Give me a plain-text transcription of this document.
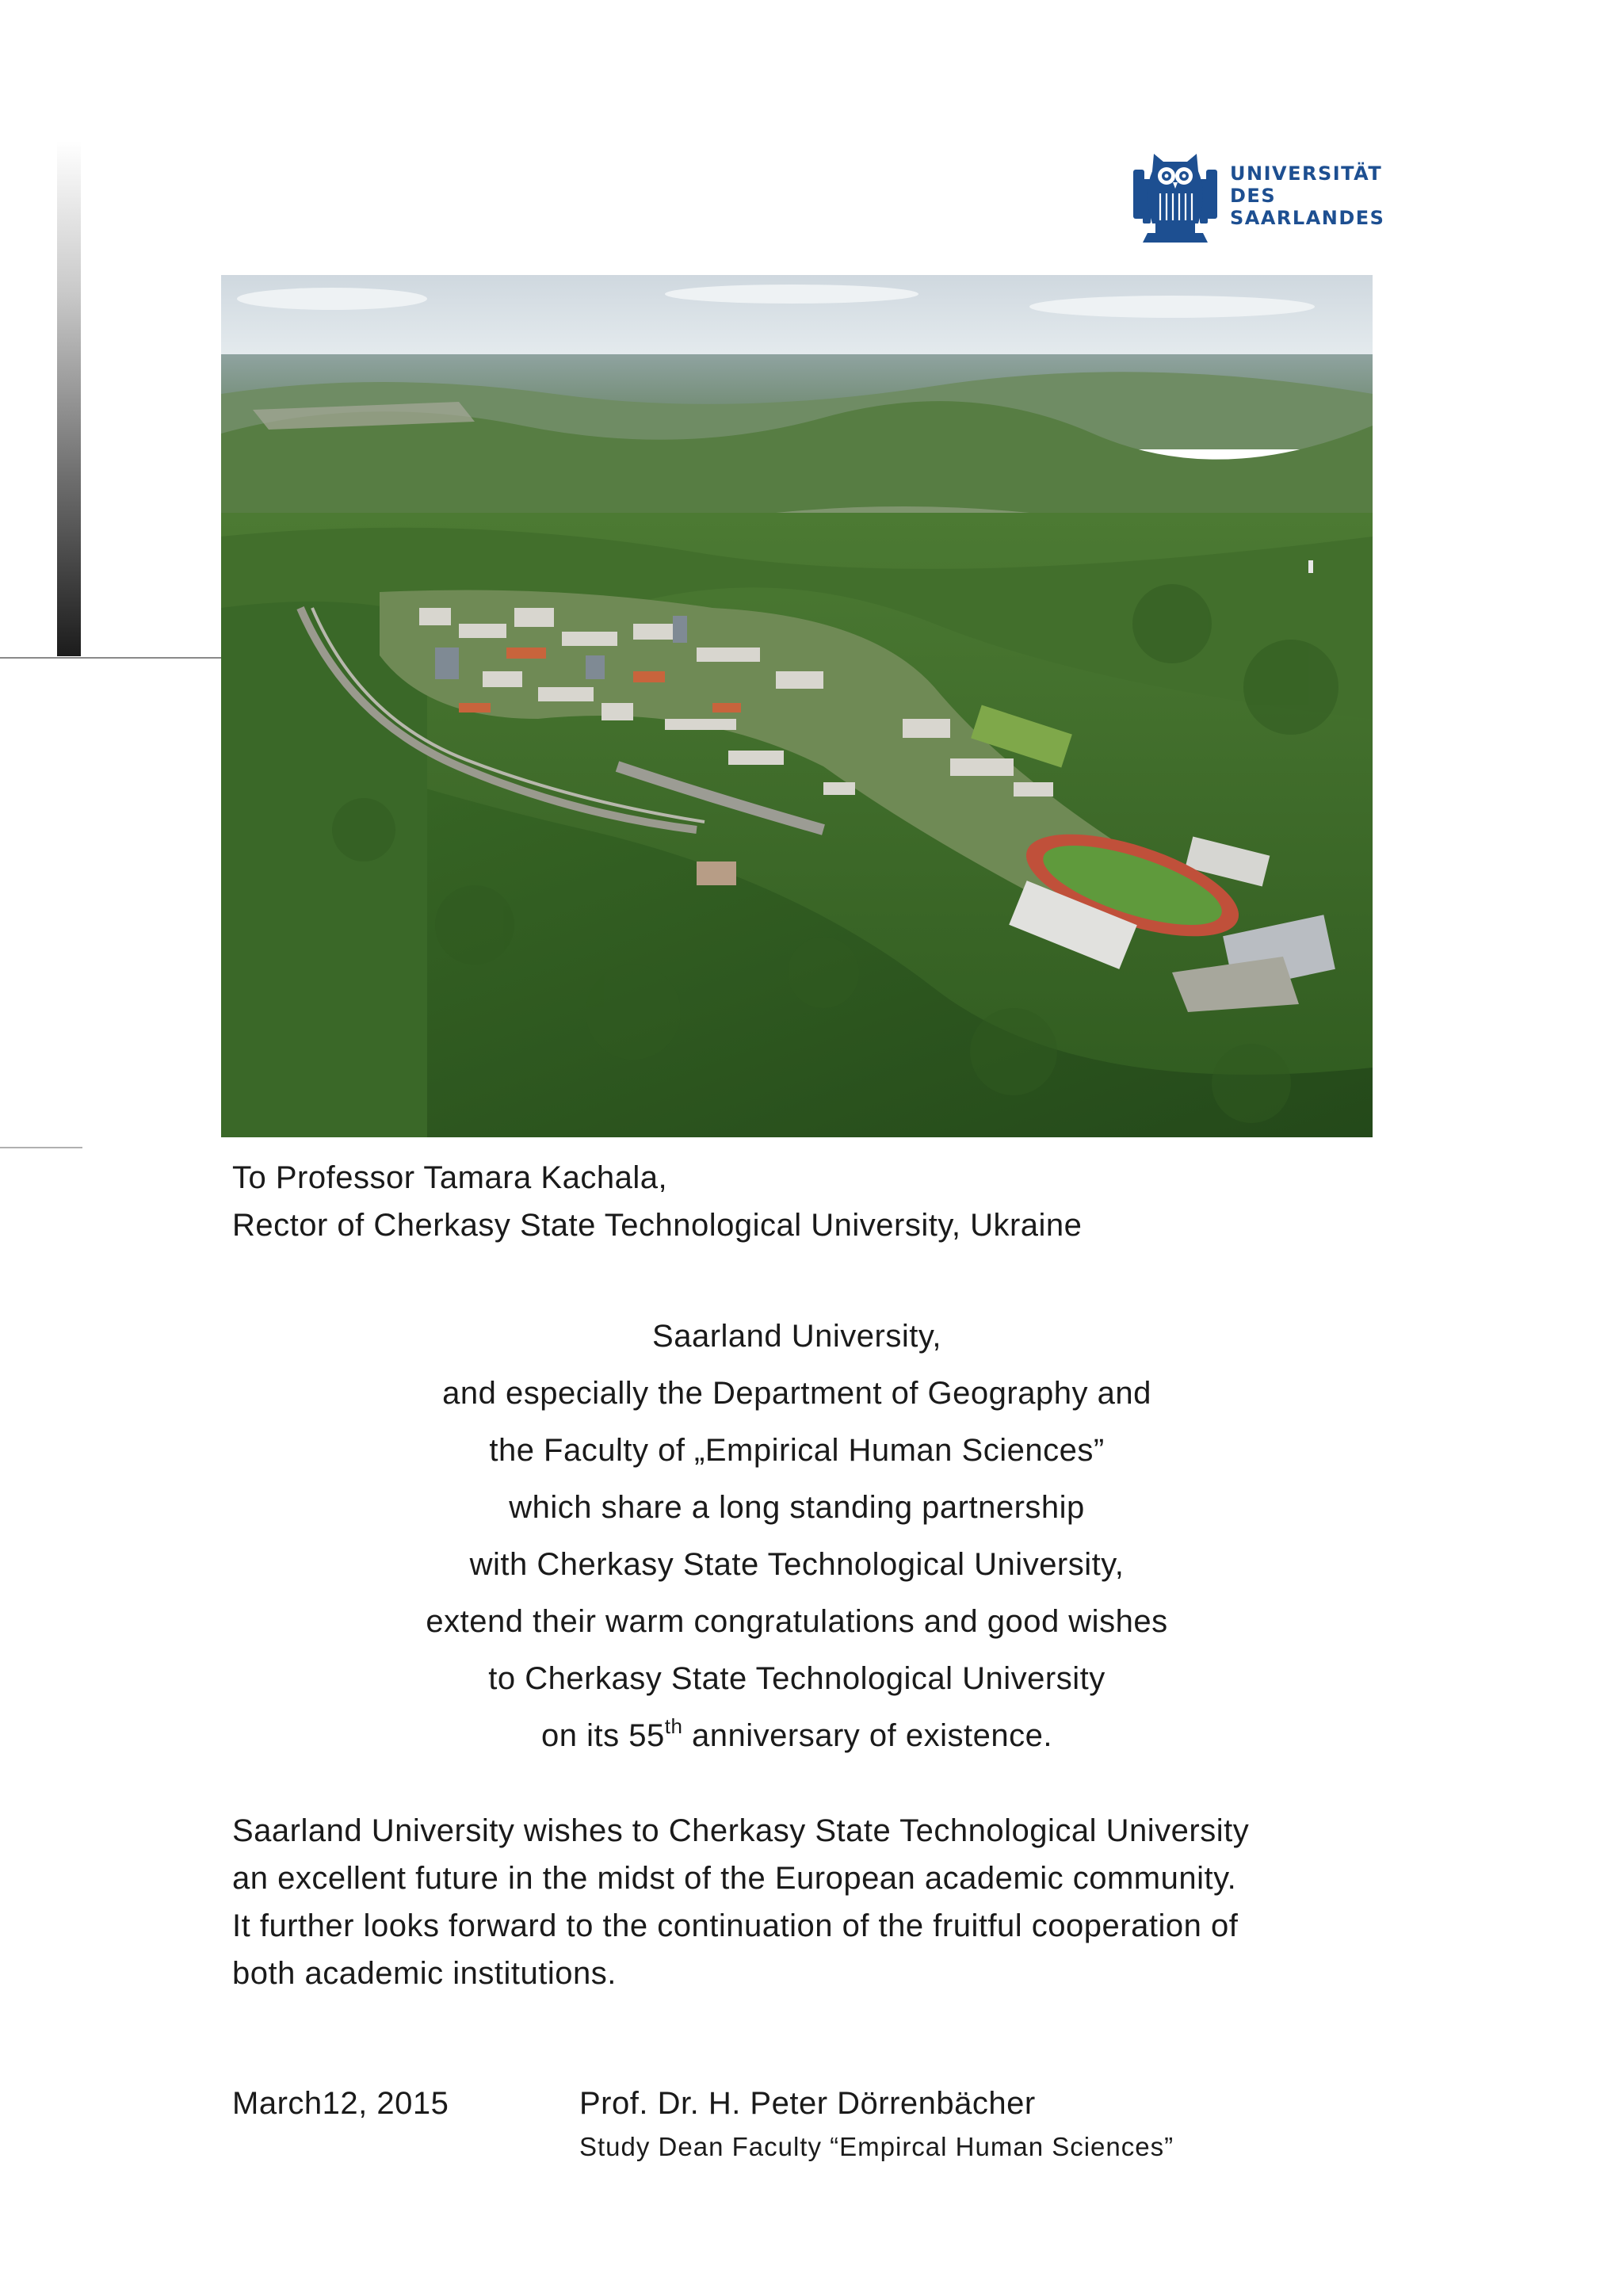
UNIVERSITÄT
DES
SAARLANDES
To Professor Tamara Kachala,
Rector of Cherkasy State Technological University, Ukraine
Saarland University,
and especially the Department of Geography and
the Faculty of „Empirical Human Sciences”
which share a long standing partnership
with Cherkasy State Technological University,
extend their warm congratulations and good wishes
to Cherkasy State Technological University
on its 55th anniversary of existence.
Saarland University wishes to Cherkasy State Technological University
an excellent future in the midst of the European academic community.
It further looks forward to the continuation of the fruitful cooperation of
both academic institutions.
March12, 2015	Prof. Dr. H. Peter Dörrenbächer
Study Dean Faculty “Empircal Human Sciences”
